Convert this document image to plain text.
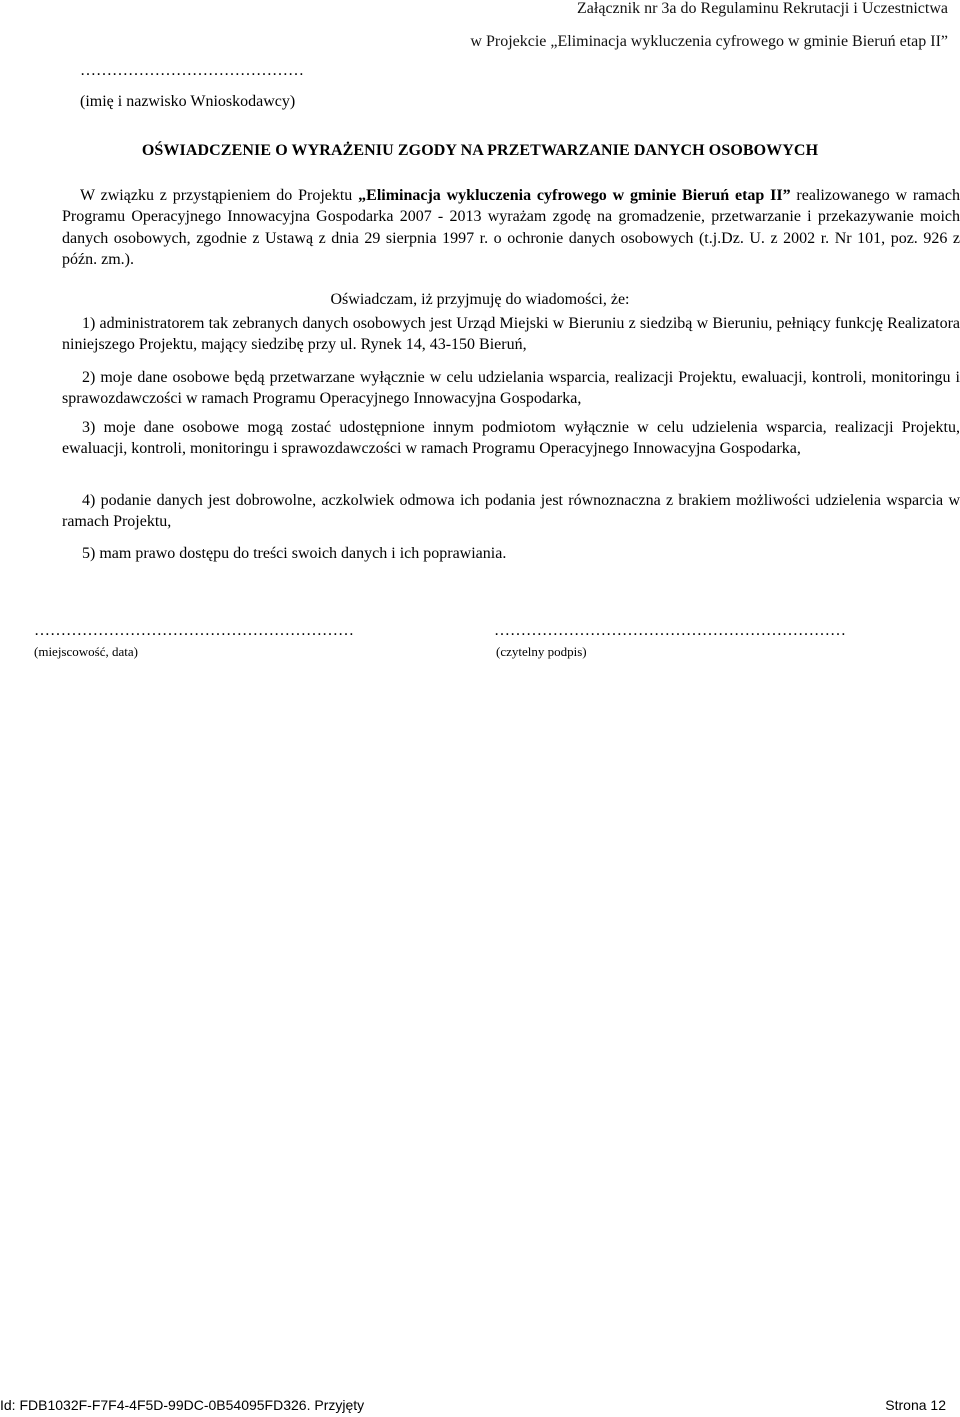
Załącznik nr 3a do Regulaminu Rekrutacji i Uczestnictwa
w Projekcie „Eliminacja wykluczenia cyfrowego w gminie Bieruń etap II”
……………………………………
(imię i nazwisko Wnioskodawcy)
OŚWIADCZENIE O WYRAŻENIU ZGODY NA PRZETWARZANIE DANYCH OSOBOWYCH
W związku z przystąpieniem do Projektu „Eliminacja wykluczenia cyfrowego w gminie Bieruń etap II” realizowanego w ramach Programu Operacyjnego Innowacyjna Gospodarka 2007 - 2013 wyrażam zgodę na gromadzenie, przetwarzanie i przekazywanie moich danych osobowych, zgodnie z Ustawą z dnia 29 sierpnia 1997 r. o ochronie danych osobowych (t.j.Dz. U. z 2002 r. Nr 101, poz. 926 z późn. zm.).
Oświadczam, iż przyjmuję do wiadomości, że:
1) administratorem tak zebranych danych osobowych jest Urząd Miejski w Bieruniu z siedzibą w Bieruniu, pełniący funkcję Realizatora niniejszego Projektu, mający siedzibę przy ul. Rynek 14, 43-150 Bieruń,
2) moje dane osobowe będą przetwarzane wyłącznie w celu udzielania wsparcia, realizacji Projektu, ewaluacji, kontroli, monitoringu i sprawozdawczości w ramach Programu Operacyjnego Innowacyjna Gospodarka,
3) moje dane osobowe mogą zostać udostępnione innym podmiotom wyłącznie w celu udzielenia wsparcia, realizacji Projektu, ewaluacji, kontroli, monitoringu i sprawozdawczości w ramach Programu Operacyjnego Innowacyjna Gospodarka,
4) podanie danych jest dobrowolne, aczkolwiek odmowa ich podania jest równoznaczna z brakiem możliwości udzielenia wsparcia w ramach Projektu,
5) mam prawo dostępu do treści swoich danych i ich poprawiania.
……………………………………………………	…………………………………………………………
(miejscowość, data)	(czytelny podpis)
Id: FDB1032F-F7F4-4F5D-99DC-0B54095FD326. Przyjęty	Strona 12
